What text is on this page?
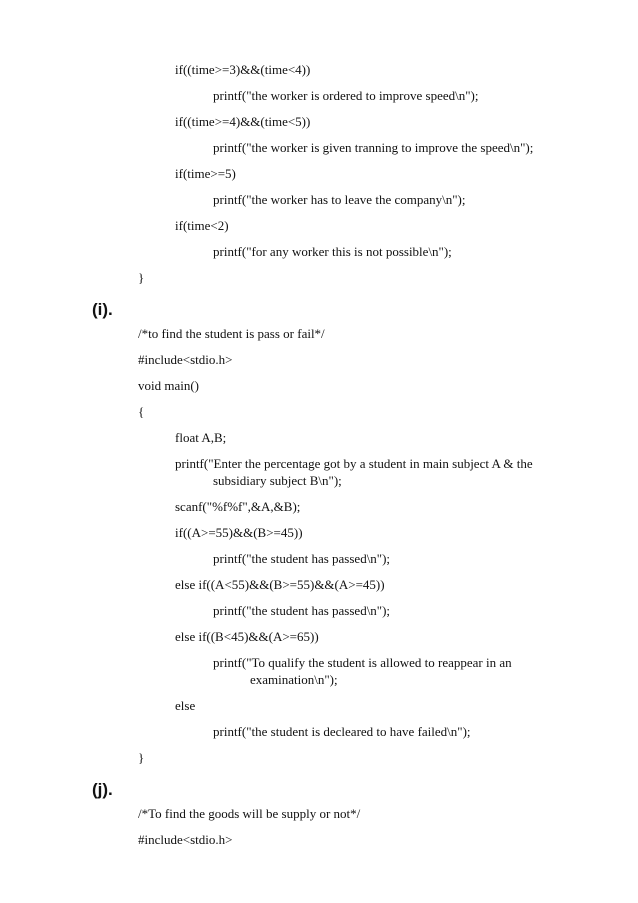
if((time>=3)&&(time<4))
printf("the worker is ordered to improve speed\n");
if((time>=4)&&(time<5))
printf("the worker is given tranning to improve the speed\n");
if(time>=5)
printf("the worker has to leave the company\n");
if(time<2)
printf("for any worker this is not possible\n");
}
(i).
/*to find the student is pass or fail*/
#include<stdio.h>
void main()
{
float A,B;
printf("Enter the percentage got by a student in main subject A & the
subsidiary subject B\n");
scanf("%f%f",&A,&B);
if((A>=55)&&(B>=45))
printf("the student has passed\n");
else if((A<55)&&(B>=55)&&(A>=45))
printf("the student has passed\n");
else if((B<45)&&(A>=65))
printf("To qualify the student is allowed to reappear in an
examination\n");
else
printf("the student is decleared to have failed\n");
}
(j).
/*To find the goods will be supply or not*/
#include<stdio.h>
